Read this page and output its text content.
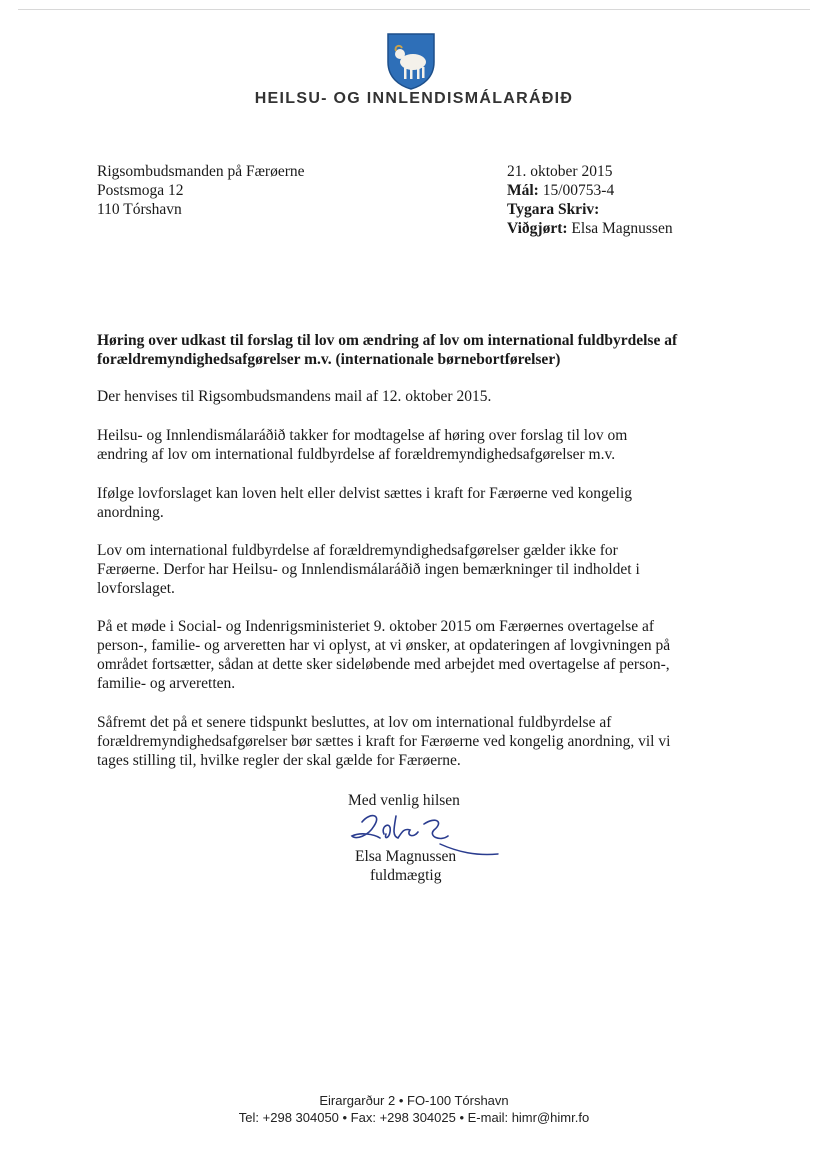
HEILSU- OG INNLENDISMÁLARÁÐIÐ
Rigsombudsmanden på Færøerne
Postsmoga 12
110 Tórshavn
21. oktober 2015
Mál: 15/00753-4
Tygara Skriv:
Viðgjørt: Elsa Magnussen
Høring over udkast til forslag til lov om ændring af lov om international fuldbyrdelse af
forældremyndighedsafgørelser m.v. (internationale børnebortførelser)
Der henvises til Rigsombudsmandens mail af 12. oktober 2015.
Heilsu- og Innlendismálaráðið takker for modtagelse af høring over forslag til lov om
ændring af lov om international fuldbyrdelse af forældremyndighedsafgørelser m.v.
Ifølge lovforslaget kan loven helt eller delvist sættes i kraft for Færøerne ved kongelig
anordning.
Lov om international fuldbyrdelse af forældremyndighedsafgørelser gælder ikke for
Færøerne. Derfor har Heilsu- og Innlendismálaráðið ingen bemærkninger til indholdet i
lovforslaget.
På et møde i Social- og Indenrigsministeriet 9. oktober 2015 om Færøernes overtagelse af
person-, familie- og arveretten har vi oplyst, at vi ønsker, at opdateringen af lovgivningen på
området fortsætter, sådan at dette sker sideløbende med arbejdet med overtagelse af person-,
familie- og arveretten.
Såfremt det på et senere tidspunkt besluttes, at lov om international fuldbyrdelse af
forældremyndighedsafgørelser bør sættes i kraft for Færøerne ved kongelig anordning, vil vi
tages stilling til, hvilke regler der skal gælde for Færøerne.
Med venlig hilsen
Elsa Magnussen
fuldmægtig
Eirargarður 2 • FO-100 Tórshavn
Tel: +298 304050 • Fax: +298 304025 • E-mail: himr@himr.fo
